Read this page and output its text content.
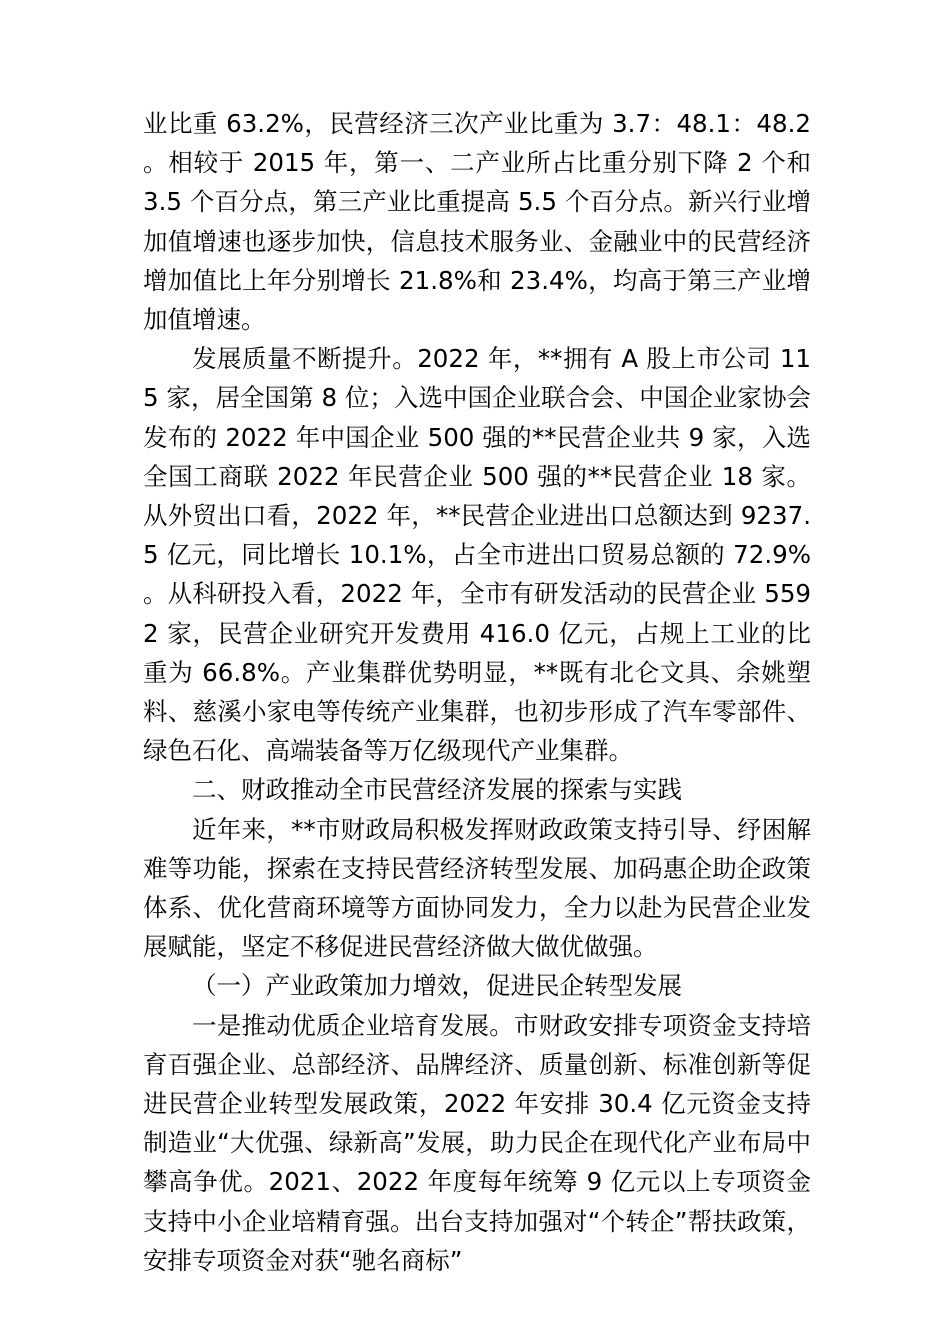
业比重 63.2%，民营经济三次产业比重为 3.7：48.1：48.2。相较于 2015 年，第一、二产业所占比重分别下降 2 个和 3.5 个百分点，第三产业比重提高 5.5 个百分点。新兴行业增加值增速也逐步加快，信息技术服务业、金融业中的民营经济增加值比上年分别增长 21.8%和 23.4%，均高于第三产业增加值增速。

发展质量不断提升。2022 年，**拥有 A 股上市公司 115 家，居全国第 8 位；入选中国企业联合会、中国企业家协会发布的 2022 年中国企业 500 强的**民营企业共 9 家，入选全国工商联 2022 年民营企业 500 强的**民营企业 18 家。从外贸出口看，2022 年，**民营企业进出口总额达到 9237.5 亿元，同比增长 10.1%，占全市进出口贸易总额的 72.9%。从科研投入看，2022 年，全市有研发活动的民营企业 5592 家，民营企业研究开发费用 416.0 亿元，占规上工业的比重为 66.8%。产业集群优势明显，**既有北仑文具、余姚塑料、慈溪小家电等传统产业集群，也初步形成了汽车零部件、绿色石化、高端装备等万亿级现代产业集群。

二、财政推动全市民营经济发展的探索与实践

近年来，**市财政局积极发挥财政政策支持引导、纾困解难等功能，探索在支持民营经济转型发展、加码惠企助企政策体系、优化营商环境等方面协同发力，全力以赴为民营企业发展赋能，坚定不移促进民营经济做大做优做强。

（一）产业政策加力增效，促进民企转型发展

一是推动优质企业培育发展。市财政安排专项资金支持培育百强企业、总部经济、品牌经济、质量创新、标准创新等促进民营企业转型发展政策，2022 年安排 30.4 亿元资金支持制造业“大优强、绿新高”发展，助力民企在现代化产业布局中攀高争优。2021、2022 年度每年统筹 9 亿元以上专项资金支持中小企业培精育强。出台支持加强对“个转企”帮扶政策，安排专项资金对获“驰名商标”
